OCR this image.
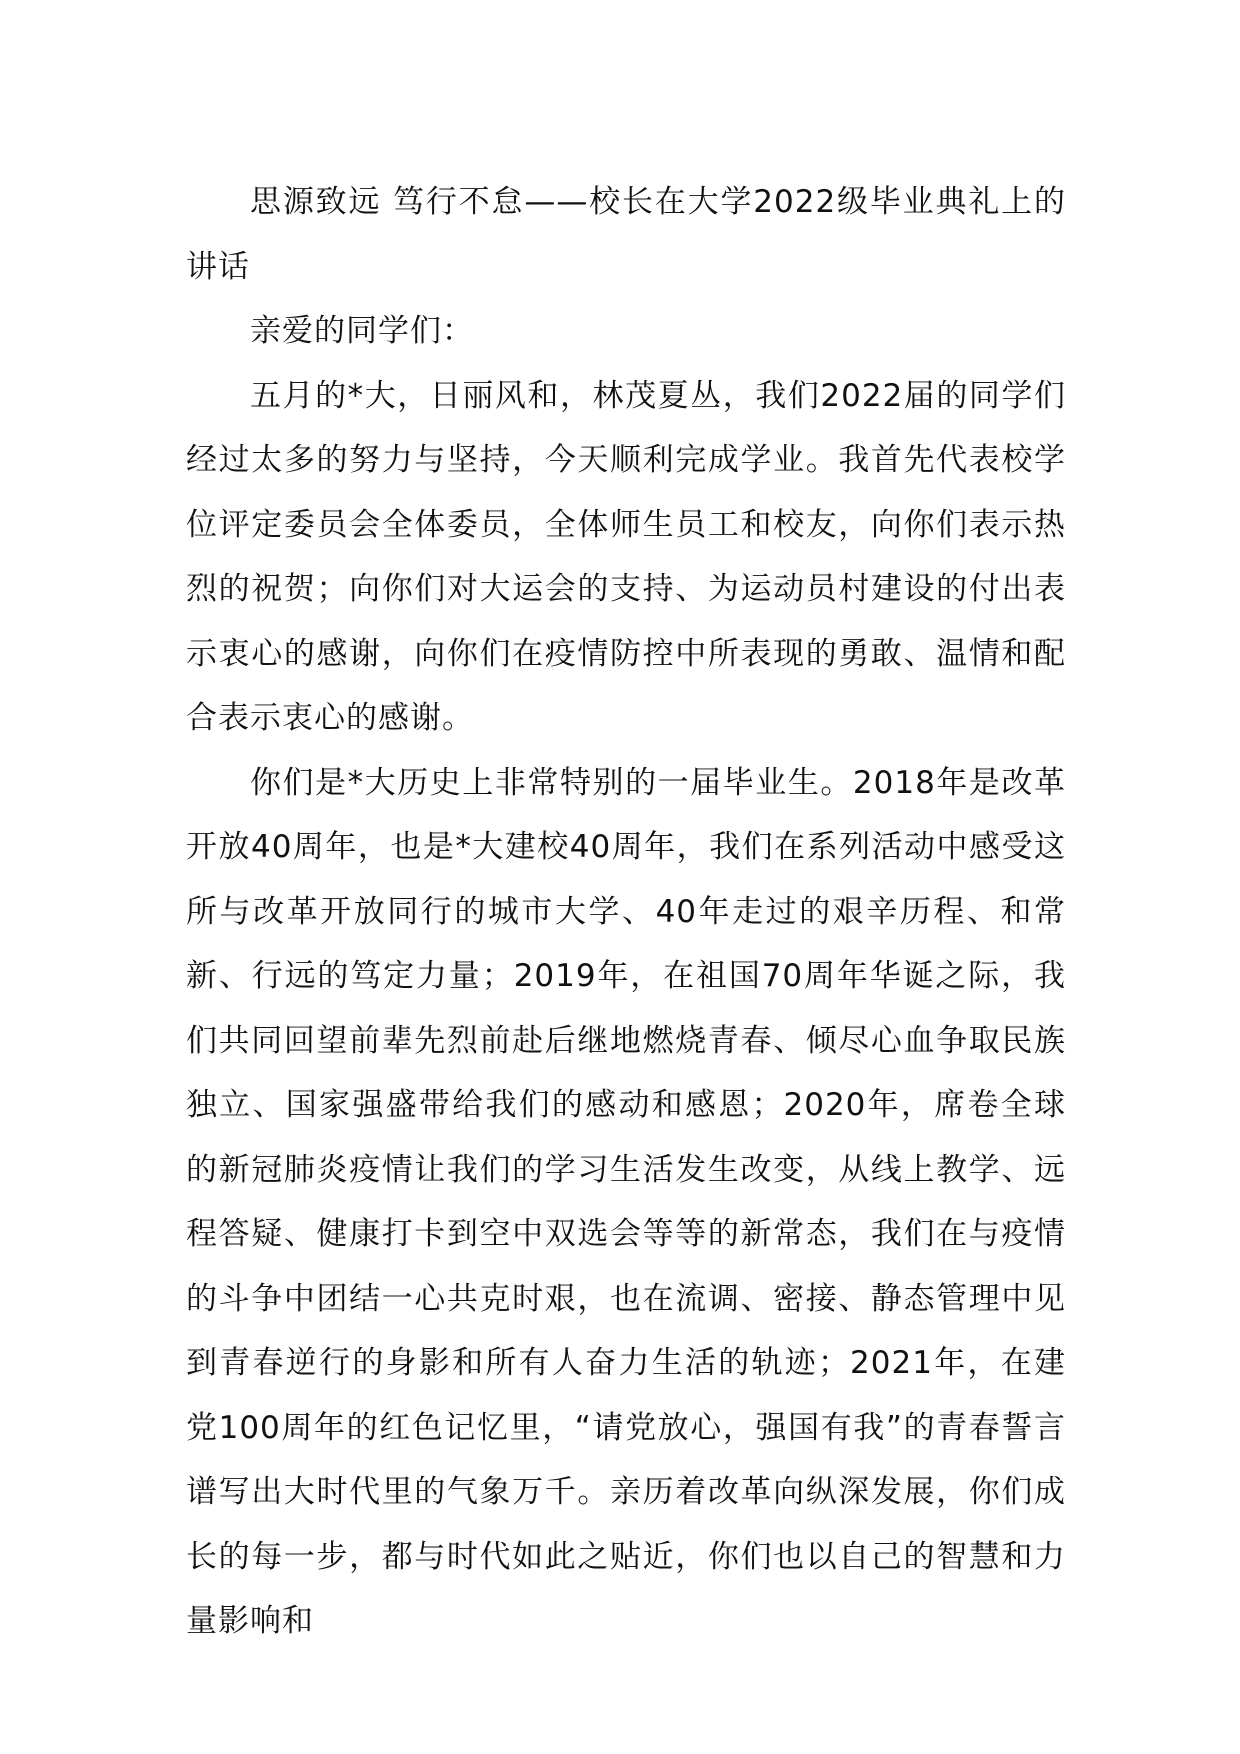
思源致远 笃行不怠——校长在大学2022级毕业典礼上的讲话

亲爱的同学们：

五月的*大，日丽风和，林茂夏丛，我们2022届的同学们经过太多的努力与坚持，今天顺利完成学业。我首先代表校学位评定委员会全体委员，全体师生员工和校友，向你们表示热烈的祝贺；向你们对大运会的支持、为运动员村建设的付出表示衷心的感谢，向你们在疫情防控中所表现的勇敢、温情和配合表示衷心的感谢。

你们是*大历史上非常特别的一届毕业生。2018年是改革开放40周年，也是*大建校40周年，我们在系列活动中感受这所与改革开放同行的城市大学、40年走过的艰辛历程、和常新、行远的笃定力量；2019年，在祖国70周年华诞之际，我们共同回望前辈先烈前赴后继地燃烧青春、倾尽心血争取民族独立、国家强盛带给我们的感动和感恩；2020年，席卷全球的新冠肺炎疫情让我们的学习生活发生改变，从线上教学、远程答疑、健康打卡到空中双选会等等的新常态，我们在与疫情的斗争中团结一心共克时艰，也在流调、密接、静态管理中见到青春逆行的身影和所有人奋力生活的轨迹；2021年，在建党100周年的红色记忆里，“请党放心，强国有我”的青春誓言谱写出大时代里的气象万千。亲历着改革向纵深发展，你们成长的每一步，都与时代如此之贴近，你们也以自己的智慧和力量影响和
